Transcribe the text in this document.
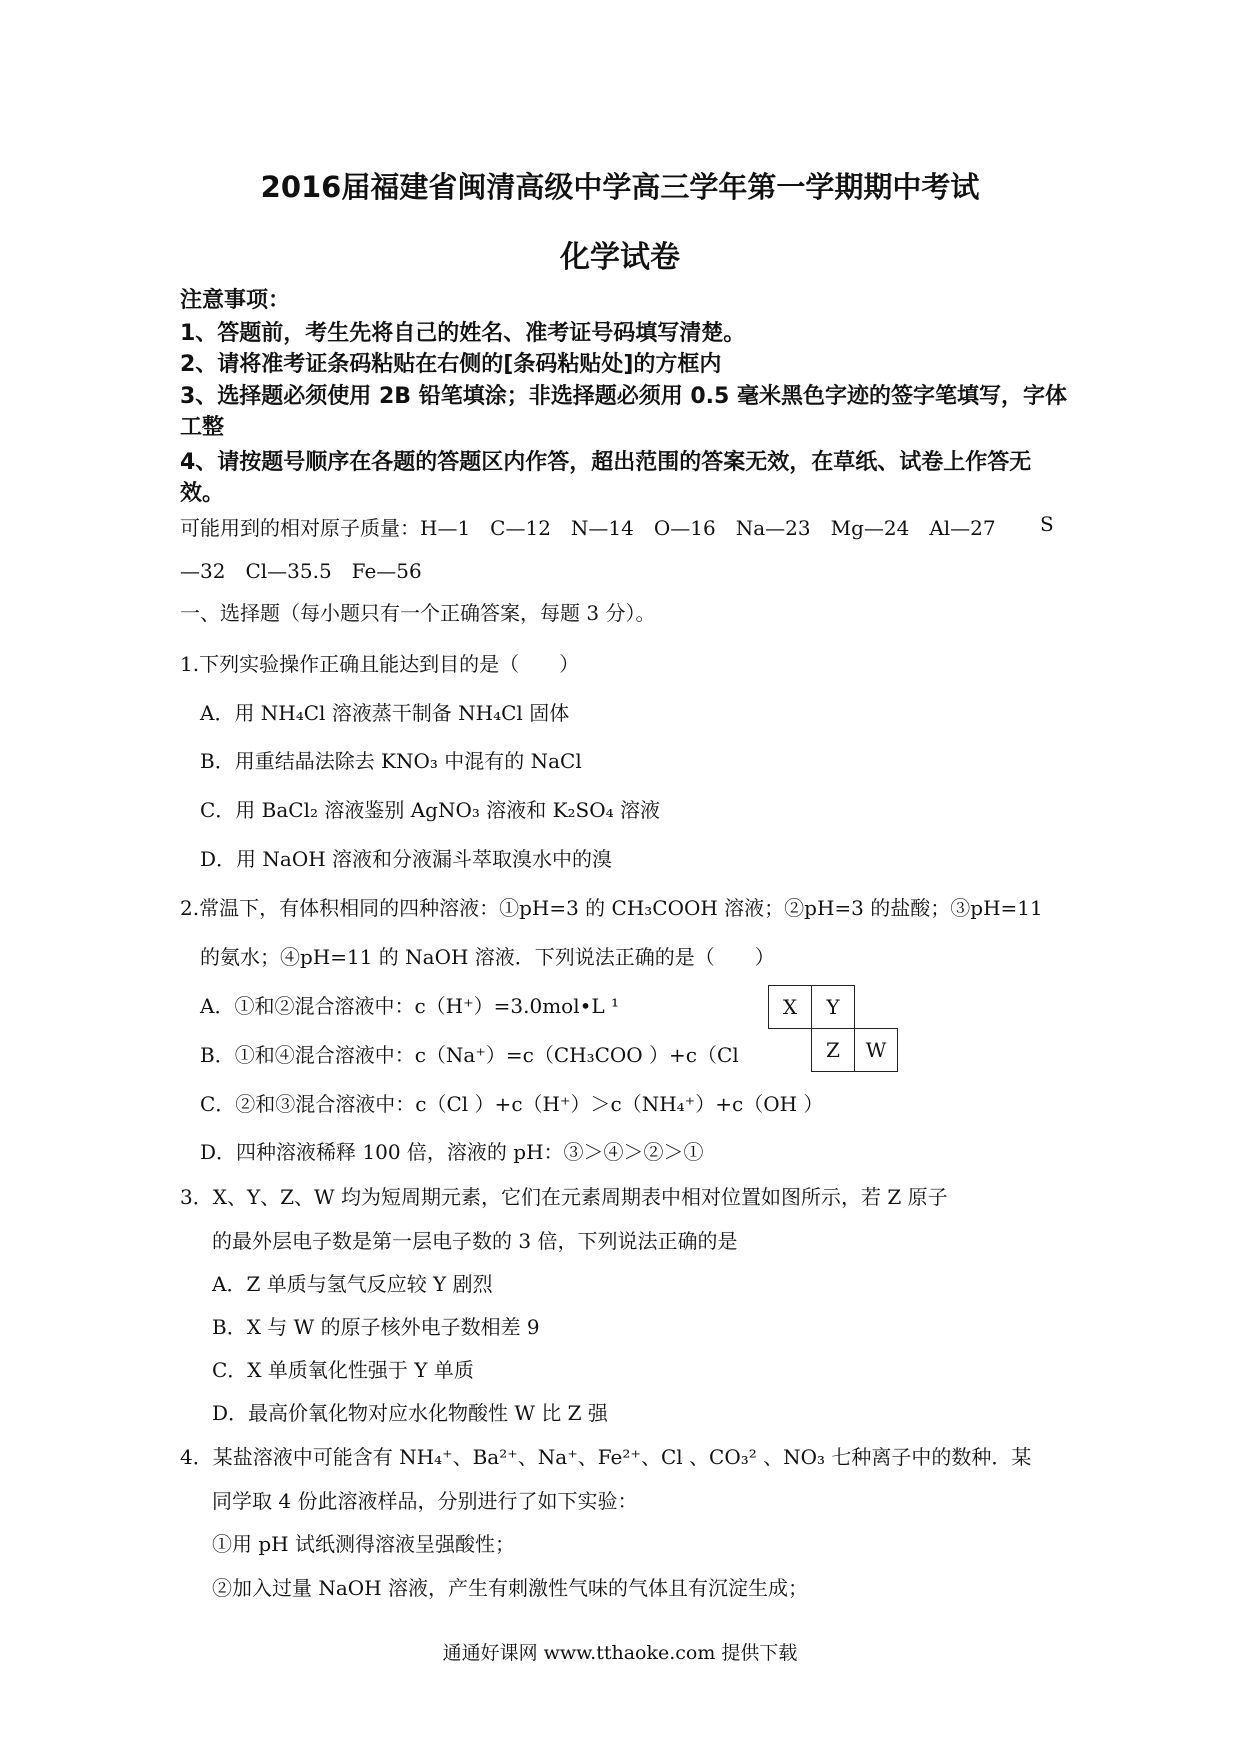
2016届福建省闽清高级中学高三学年第一学期期中考试
化学试卷
注意事项：
1、答题前，考生先将自己的姓名、准考证号码填写清楚。
2、请将准考证条码粘贴在右侧的[条码粘贴处]的方框内
3、选择题必须使用 2B 铅笔填涂；非选择题必须用 0.5 毫米黑色字迹的签字笔填写，字体工整
4、请按题号顺序在各题的答题区内作答，超出范围的答案无效，在草纸、试卷上作答无效。
可能用到的相对原子质量：H—1　C—12　N—14　O—16　Na—23　Mg—24　Al—27 S
—32　Cl—35.5　Fe—56
一、选择题（每小题只有一个正确答案，每题 3 分）。
1.下列实验操作正确且能达到目的是（　　）
A．用 NH₄Cl 溶液蒸干制备 NH₄Cl 固体
B．用重结晶法除去 KNO₃ 中混有的 NaCl
C．用 BaCl₂ 溶液鉴别 AgNO₃ 溶液和 K₂SO₄ 溶液
D．用 NaOH 溶液和分液漏斗萃取溴水中的溴
2.常温下，有体积相同的四种溶液：①pH=3 的 CH₃COOH 溶液；②pH=3 的盐酸；③pH=11
的氨水；④pH=11 的 NaOH 溶液．下列说法正确的是（　　）
A．①和②混合溶液中：c（H⁺）=3.0mol•L ¹
B．①和④混合溶液中：c（Na⁺）=c（CH₃COO ）+c（Cl
C．②和③混合溶液中：c（Cl ）+c（H⁺）＞c（NH₄⁺）+c（OH ）
D．四种溶液稀释 100 倍，溶液的 pH：③＞④＞②＞①
X	Y
Z	W
3．X、Y、Z、W 均为短周期元素，它们在元素周期表中相对位置如图所示，若 Z 原子
的最外层电子数是第一层电子数的 3 倍，下列说法正确的是
A．Z 单质与氢气反应较 Y 剧烈
B．X 与 W 的原子核外电子数相差 9
C．X 单质氧化性强于 Y 单质
D．最高价氧化物对应水化物酸性 W 比 Z 强
4．某盐溶液中可能含有 NH₄⁺、Ba²⁺、Na⁺、Fe²⁺、Cl 、CO₃² 、NO₃ 七种离子中的数种．某
同学取 4 份此溶液样品，分别进行了如下实验：
①用 pH 试纸测得溶液呈强酸性；
②加入过量 NaOH 溶液，产生有刺激性气味的气体且有沉淀生成；
通通好课网 www.tthaoke.com 提供下载
